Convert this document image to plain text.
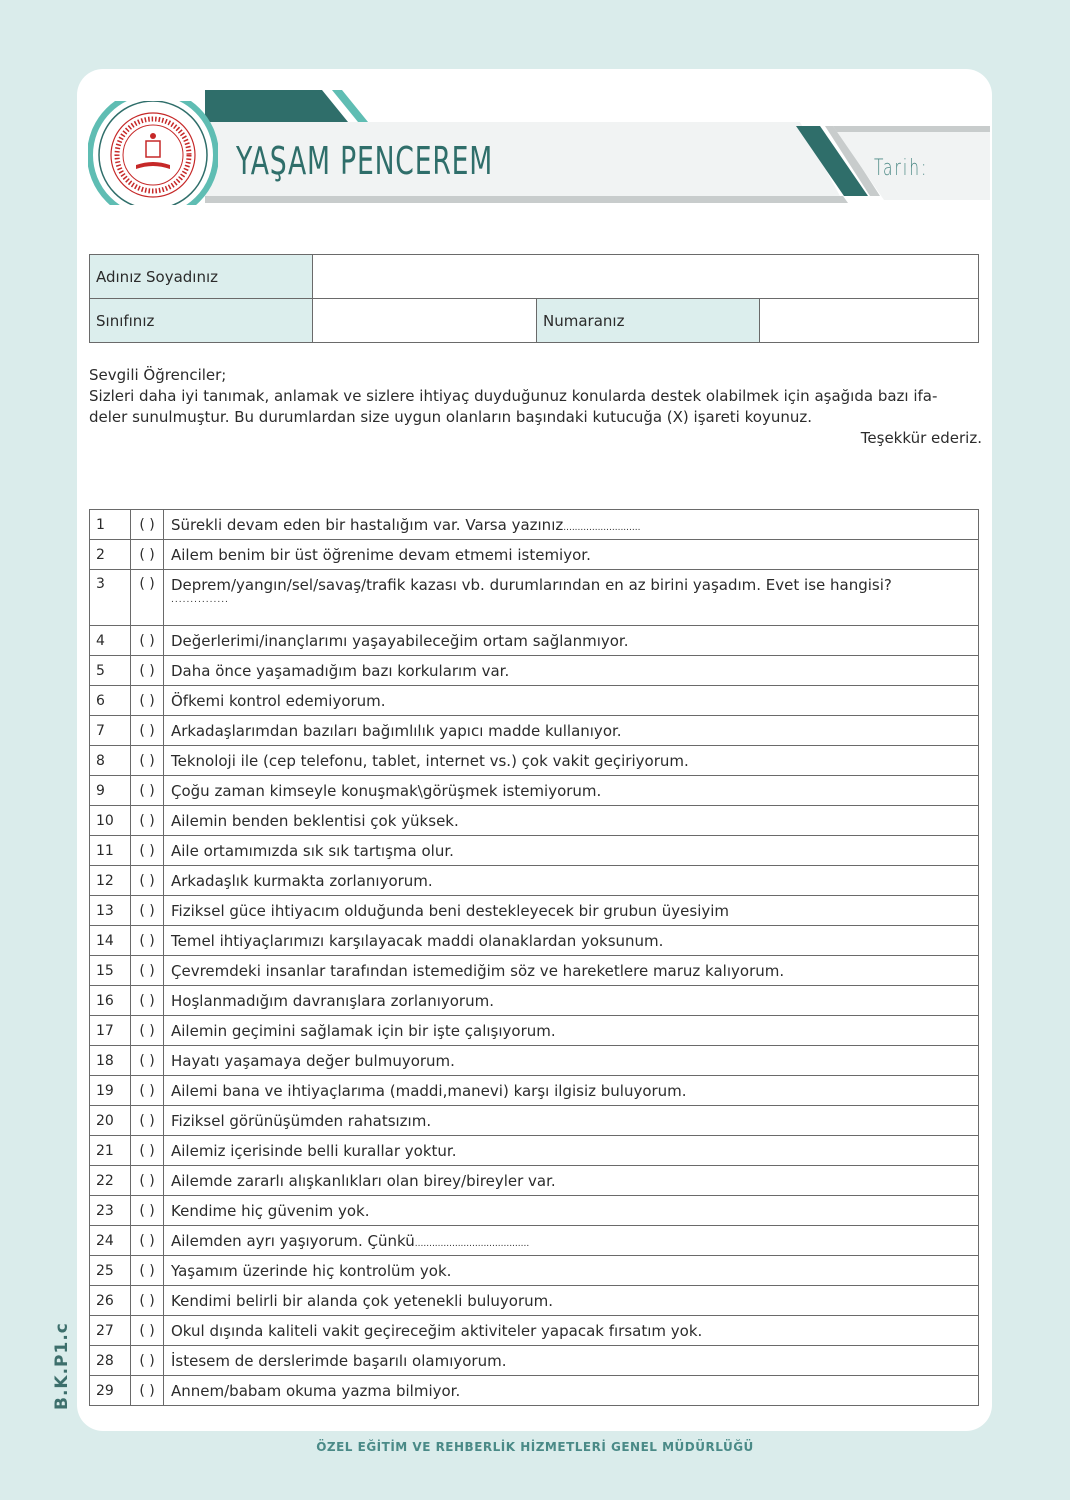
YAŞAM PENCEREM	Tarih:
Adınız Soyadınız			
Sınıfınız		Numaranız	

Sevgili Öğrenciler;

Sizleri daha iyi tanımak, anlamak ve sizlere ihtiyaç duyduğunuz konularda destek olabilmek için aşağıda bazı ifa-

deler sunulmuştur. Bu durumlardan size uygun olanların başındaki kutucuğa (X) işareti koyunuz.

Teşekkür ederiz.

1	( )	Sürekli devam eden bir hastalığım var. Varsa yazınız...........................
2	( )	Ailem benim bir üst öğrenime devam etmemi istemiyor.
3	( )	Deprem/yangın/sel/savaş/trafik kazası vb. durumlarından en az birini yaşadım. Evet ise hangisi?
...............

4	( )	Değerlerimi/inançlarımı yaşayabileceğim ortam sağlanmıyor.
5	( )	Daha önce yaşamadığım bazı korkularım var.
6	( )	Öfkemi kontrol edemiyorum.
7	( )	Arkadaşlarımdan bazıları bağımlılık yapıcı madde kullanıyor.
8	( )	Teknoloji ile (cep telefonu, tablet, internet vs.) çok vakit geçiriyorum.
9	( )	Çoğu zaman kimseyle konuşmak\görüşmek istemiyorum.
10	( )	Ailemin benden beklentisi çok yüksek.
11	( )	Aile ortamımızda sık sık tartışma olur.
12	( )	Arkadaşlık kurmakta zorlanıyorum.
13	( )	Fiziksel güce ihtiyacım olduğunda beni destekleyecek bir grubun üyesiyim
14	( )	Temel ihtiyaçlarımızı karşılayacak maddi olanaklardan yoksunum.
15	( )	Çevremdeki insanlar tarafından istemediğim söz ve hareketlere maruz kalıyorum.
16	( )	Hoşlanmadığım davranışlara zorlanıyorum.
17	( )	Ailemin geçimini sağlamak için bir işte çalışıyorum.
18	( )	Hayatı yaşamaya değer bulmuyorum.
19	( )	Ailemi bana ve ihtiyaçlarıma (maddi,manevi) karşı ilgisiz buluyorum.
20	( )	Fiziksel görünüşümden rahatsızım.
21	( )	Ailemiz içerisinde belli kurallar yoktur.
22	( )	Ailemde zararlı alışkanlıkları olan birey/bireyler var.
23	( )	Kendime hiç güvenim yok.
24	( )	Ailemden ayrı yaşıyorum. Çünkü........................................
25	( )	Yaşamım üzerinde hiç kontrolüm yok.
26	( )	Kendimi belirli bir alanda çok yetenekli buluyorum.
27	( )	Okul dışında kaliteli vakit geçireceğim aktiviteler yapacak fırsatım yok.
28	( )	İstesem de derslerimde başarılı olamıyorum.
29	( )	Annem/babam okuma yazma bilmiyor.
B.K.P1.c
ÖZEL EĞİTİM VE REHBERLİK HİZMETLERİ GENEL MÜDÜRLÜĞÜ
